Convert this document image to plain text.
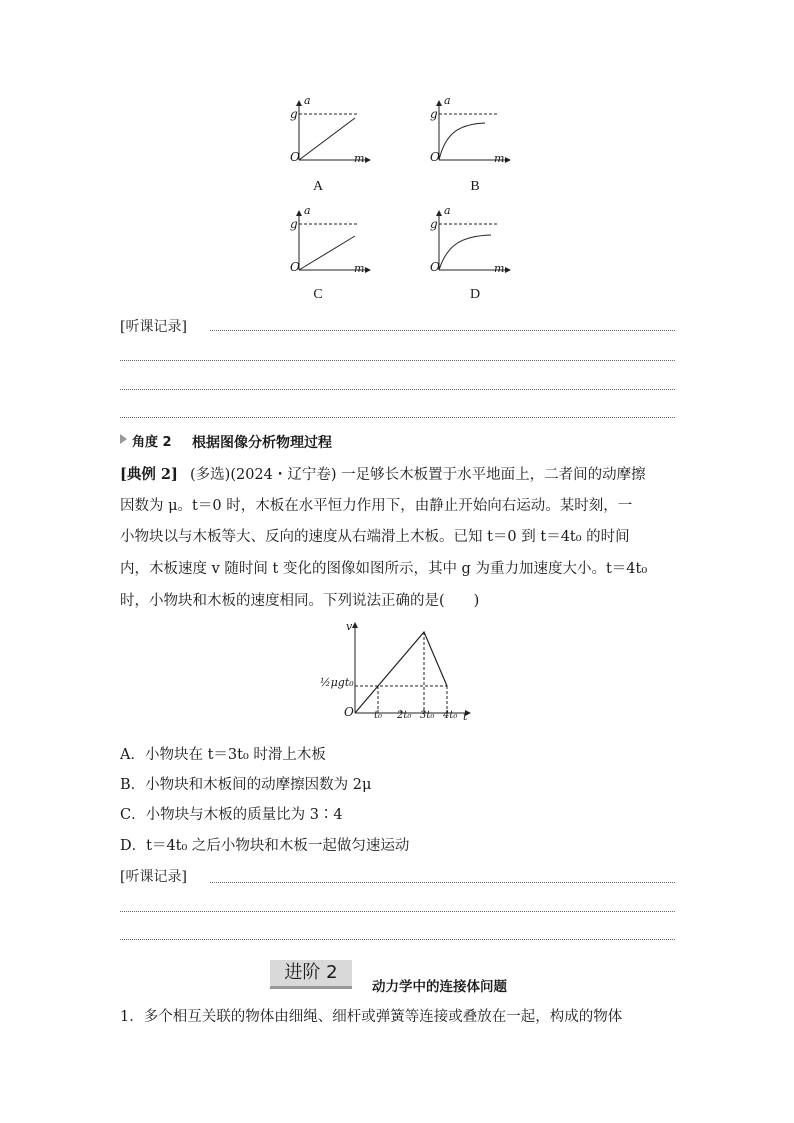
a
g
O	m
A
a
g
O	m
B
a
g
O	m
C
a
g
O	m
D
[听课记录]
角度 2 根据图像分析物理过程
[典例 2] (多选)(2024・辽宁卷) 一足够长木板置于水平地面上，二者间的动摩擦
因数为 μ。t＝0 时，木板在水平恒力作用下，由静止开始向右运动。某时刻，一
小物块以与木板等大、反向的速度从右端滑上木板。已知 t＝0 到 t＝4t₀ 的时间
内，木板速度 v 随时间 t 变化的图像如图所示，其中 g 为重力加速度大小。t＝4t₀
时，小物块和木板的速度相同。下列说法正确的是(　　)
v
O	t
½μgt₀
t₀ 2t₀ 3t₀ 4t₀
A．小物块在 t＝3t₀ 时滑上木板
B．小物块和木板间的动摩擦因数为 2μ
C．小物块与木板的质量比为 3∶4
D．t＝4t₀ 之后小物块和木板一起做匀速运动
[听课记录]
进阶 2
动力学中的连接体问题
1．多个相互关联的物体由细绳、细杆或弹簧等连接或叠放在一起，构成的物体
